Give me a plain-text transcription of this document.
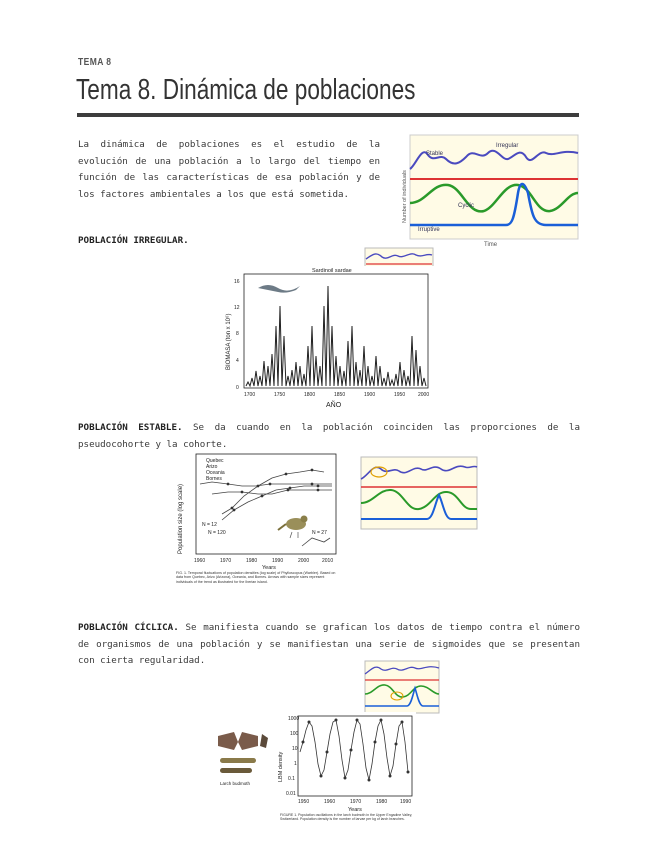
TEMA 8
Tema 8. Dinámica de poblaciones
La dinámica de poblaciones es el estudio de la evolución de una población a lo largo del tiempo en función de las características de esa población y de los factores ambientales a los que está sometida.
Stable
Irregular
Cyclic
Irruptive
Number of individuals
Time
POBLACIÓN IRREGULAR.
Sardinoil sardae
BIOMASA (ton x 10⁶)
0
4
8
12
16
1700	1750	1800	1850	1900	1950	2000
AÑO
POBLACIÓN ESTABLE. Se da cuando en la población coinciden las proporciones de la pseudocohorte y la cohorte.
Population size (log scale)
Quebec
Arizo
Oceania
Bornes
N = 12
N = 120	N = 27
1960	1970	1980	1990	2000	2010
Years
FIG. 1. Temporal fluctuations of population densities (log scale) of Phylloscopus (Warbler). Based on data from Quebec, Arizo (Arizona), Oceania, and Bornes. Arrows with sample sizes represent individuals of the trend as illustrated for the Iberian island.
POBLACIÓN CÍCLICA. Se manifiesta cuando se grafican los datos de tiempo contra el número de organismos de una población y se manifiestan una serie de sigmoides que se presentan con cierta regularidad.
Larch budmoth
LBM density
1000
100
10
1
0.1
0.01
1950	1960	1970	1980	1990
Years
FIGURE 1. Population oscillations in the larch budmoth in the Upper Engadine Valley, Switzerland. Population density is the number of larvae per kg of larch branches.
